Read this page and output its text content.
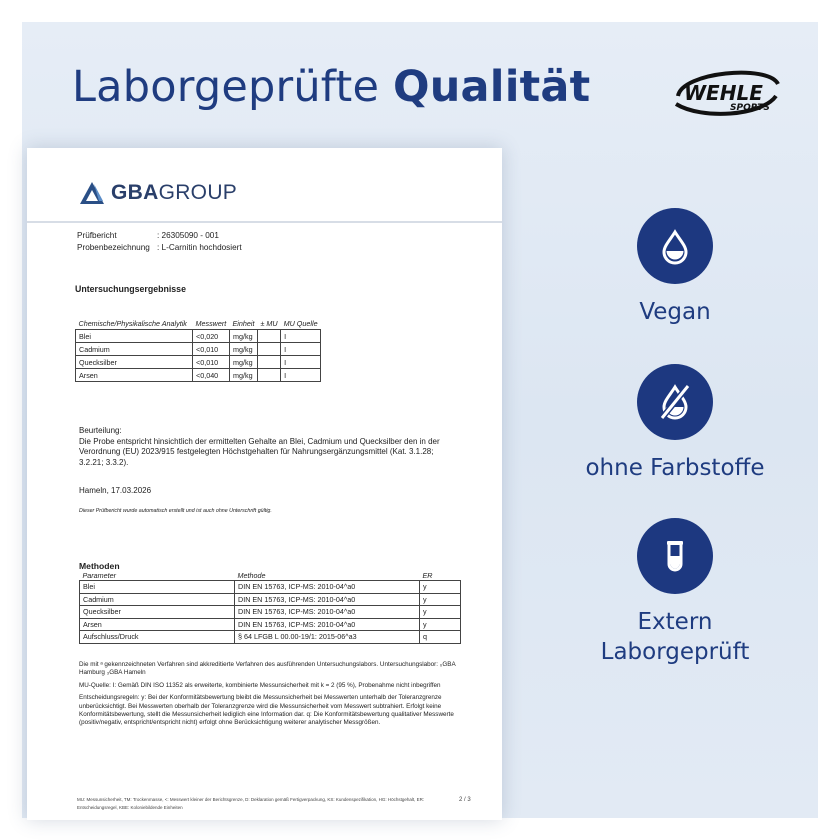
Laborgeprüfte Qualität	WEHLE
SPORTS
GBAGROUP
Prüfbericht	: 26305090 - 001
Probenbezeichnung : L-Carnitin hochdosiert
Untersuchungsergebnisse
Chemische/Physikalische Analytik	Messwert	Einheit	± MU	MU Quelle
Blei	<0,020	mg/kg		I
Cadmium	<0,010	mg/kg		I
Quecksilber	<0,010	mg/kg		I
Arsen	<0,040	mg/kg		I
Beurteilung:
Die Probe entspricht hinsichtlich der ermittelten Gehalte an Blei, Cadmium und Quecksilber den in der Verordnung (EU) 2023/915 festgelegten Höchstgehalten für Nahrungsergänzungsmittel (Kat. 3.1.28; 3.2.21; 3.3.2).
Hameln, 17.03.2026
Dieser Prüfbericht wurde automatisch erstellt und ist auch ohne Unterschrift gültig.
Methoden
Parameter	Methode	ER
Blei	DIN EN 15763, ICP-MS: 2010-04^a0	y
Cadmium	DIN EN 15763, ICP-MS: 2010-04^a0	y
Quecksilber	DIN EN 15763, ICP-MS: 2010-04^a0	y
Arsen	DIN EN 15763, ICP-MS: 2010-04^a0	y
Aufschluss/Druck	§ 64 LFGB L 00.00-19/1: 2015-06^a3	q

Die mit ᵃ gekennzeichneten Verfahren sind akkreditierte Verfahren des ausführenden Untersuchungslabors. Untersuchungslabor: ₀GBA Hamburg ₃GBA Hameln

MU-Quelle: I: Gemäß DIN ISO 11352 als erweiterte, kombinierte Messunsicherheit mit k = 2 (95 %), Probenahme nicht inbegriffen

Entscheidungsregeln: y: Bei der Konformitätsbewertung bleibt die Messunsicherheit bei Messwerten unterhalb der Toleranzgrenze unberücksichtigt. Bei Messwerten oberhalb der Toleranzgrenze wird die Messunsicherheit vom Messwert subtrahiert. Erfolgt keine Konformitätsbewertung, stellt die Messunsicherheit lediglich eine Information dar. q: Die Konformitätsbewertung qualitativer Messwerte (positiv/negativ, entspricht/entspricht nicht) erfolgt ohne Berücksichtigung weiterer analytischer Messgrößen.

MU: Messunsicherheit, TM: Trockenmasse, <: Messwert kleiner der Berichtsgrenze, D: Deklaration gemäß Fertigverpackung, KS: Kundenspezifikation, HG: Höchstgehalt, ER: Entscheidungsregel, KBE: Koloniebildende Einheiten
2 / 3
Vegan
ohne Farbstoffe
Extern Laborgeprüft
